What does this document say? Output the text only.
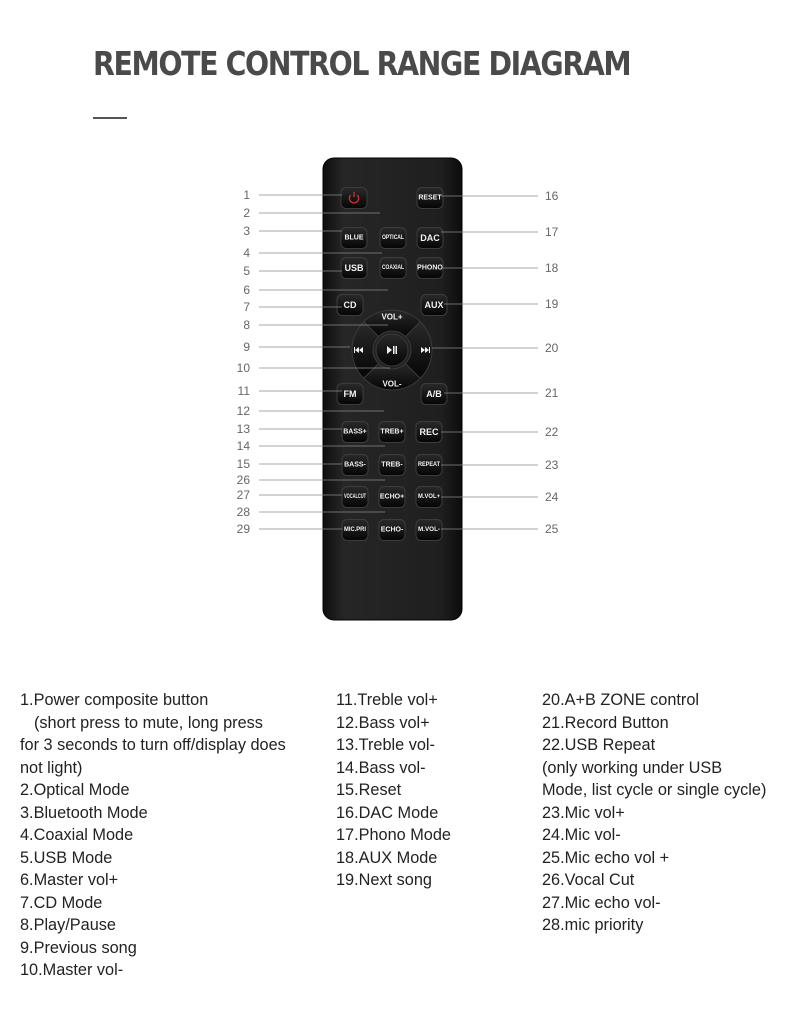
REMOTE CONTROL RANGE DIAGRAM
VOL+
VOL-
RESET
BLUE	OPTICAL DAC
USB	COAXIAL PHONO
CD	AUX
FM	A/B
BASS+ TREB+ REC
BASS- TREB-	REPEAT
VOCALCUT ECHO+ M.VOL+
MIC.PRI ECHO- M.VOL-
1
2
3
4
5
6
7
8
9
10
11
12
13
14
15
26
27
28
29
16
17
18
19
20
21
22
23
24
25
1.Power composite button
(short press to mute, long press
for 3 seconds to turn off/display does
not light)
2.Optical Mode
3.Bluetooth Mode
4.Coaxial Mode
5.USB Mode
6.Master vol+
7.CD Mode
8.Play/Pause
9.Previous song
10.Master vol-
11.Treble vol+
12.Bass vol+
13.Treble vol-
14.Bass vol-
15.Reset
16.DAC Mode
17.Phono Mode
18.AUX Mode
19.Next song
20.A+B ZONE control
21.Record Button
22.USB Repeat
(only working under USB
Mode, list cycle or single cycle)
23.Mic vol+
24.Mic vol-
25.Mic echo vol +
26.Vocal Cut
27.Mic echo vol-
28.mic priority
